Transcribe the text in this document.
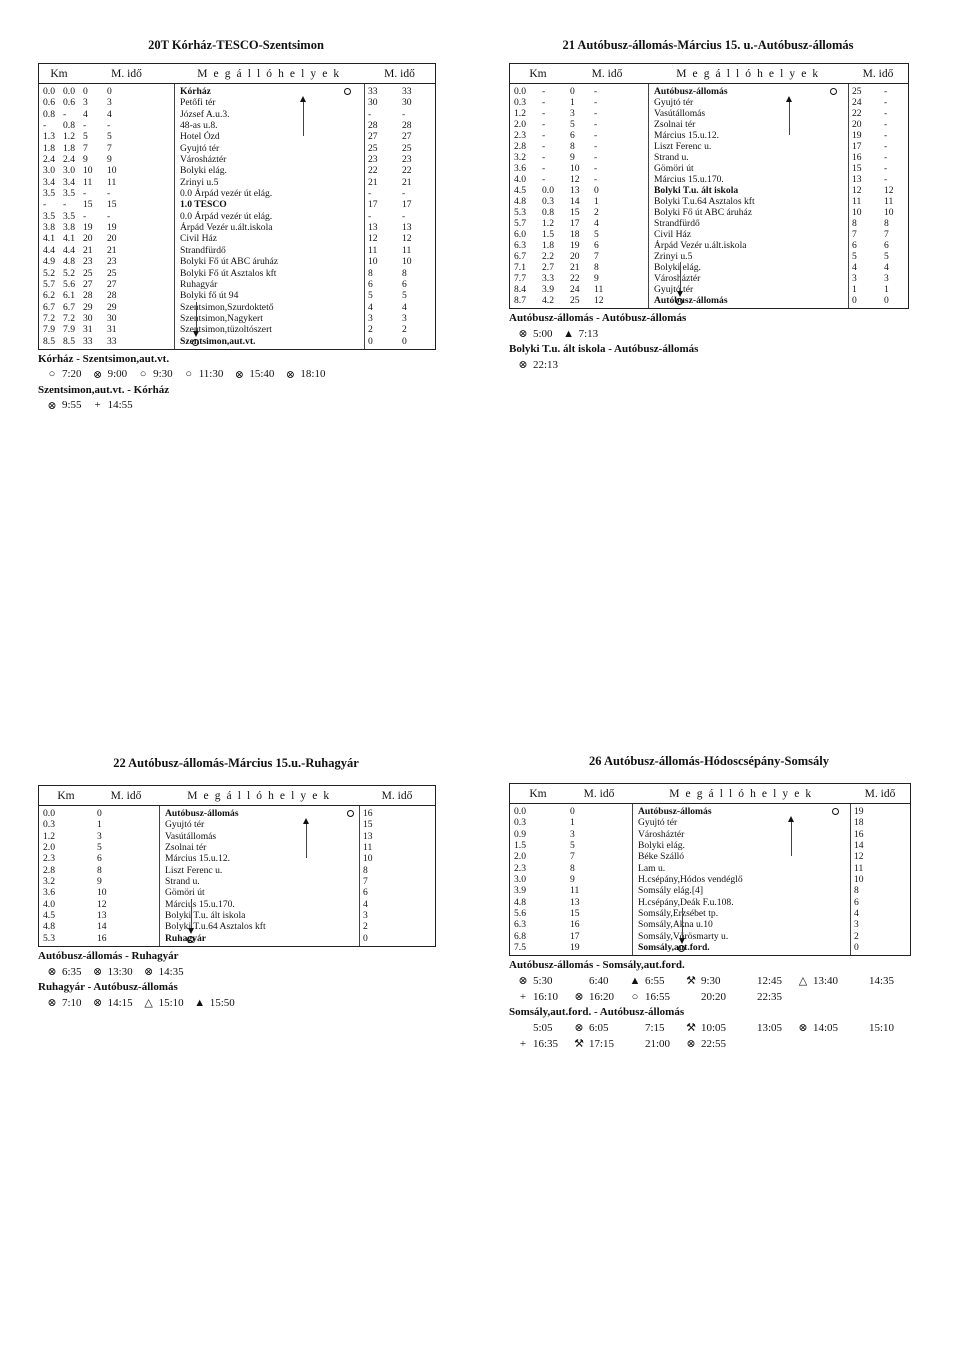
20T Kórház-TESCO-Szentsimon
Km	M. idő	M e g á l l ó h e l y e k	M. idő
0.0 0.0 0	0	Kórház	33	33
0.6 0.6 3	3	Petőfi tér	30	30
0.8 -	4	4	József A.u.3.	-	-
-	0.8 -	-	48-as u.8.	28	28
1.3 1.2 5	5	Hotel Ózd	27	27
1.8 1.8 7	7	Gyujtó tér	25	25
2.4 2.4 9	9	Városháztér	23	23
3.0 3.0 10	10	Bolyki elág.	22	22
3.4 3.4 11	11	Zrinyi u.5	21	21
3.5 3.5 -	-	0.0 Árpád vezér út elág.	-	-
-	-	15	15	1.0 TESCO	17	17
3.5 3.5 -	-	0.0 Árpád vezér út elág.	-	-
3.8 3.8 19	19	Árpád Vezér u.ált.iskola	13	13
4.1 4.1 20	20	Civil Ház	12	12
4.4 4.4 21	21	Strandfürdő	11	11
4.9 4.8 23	23	Bolyki Fő út ABC áruház	10	10
5.2 5.2 25	25	Bolyki Fő út Asztalos kft	8	8
5.7 5.6 27	27	Ruhagyár	6	6
6.2 6.1 28	28	Bolyki fő út 94	5	5
6.7 6.7 29	29	Szentsimon,Szurdoktető	4	4
7.2 7.2 30	30	Szentsimon,Nagykert	3	3
7.9 7.9 31	31	Szentsimon,tüzoltószert	2	2
8.5 8.5 33	33	Szentsimon,aut.vt.	0	0
Kórház - Szentsimon,aut.vt.
○ 7:20 ⊗ 9:00 ○ 9:30 ○ 11:30 ⊗ 15:40 ⊗ 18:10
Szentsimon,aut.vt. - Kórház
⊗ 9:55 + 14:55
21 Autóbusz-állomás-Március 15. u.-Autóbusz-állomás
Km	M. idő	M e g á l l ó h e l y e k	M. idő
0.0	-	0	-	Autóbusz-állomás	25	-
0.3	-	1	-	Gyujtó tér	24	-
1.2	-	3	-	Vasútállomás	22	-
2.0	-	5	-	Zsolnai tér	20	-
2.3	-	6	-	Március 15.u.12.	19	-
2.8	-	8	-	Liszt Ferenc u.	17	-
3.2	-	9	-	Strand u.	16	-
3.6	-	10	-	Gömöri út	15	-
4.0	-	12	-	Március 15.u.170.	13	-
4.5	0.0	13	0	Bolyki T.u. ált iskola	12	12
4.8	0.3	14	1	Bolyki T.u.64 Asztalos kft	11	11
5.3	0.8	15	2	Bolyki Fő út ABC áruház	10	10
5.7	1.2	17	4	Strandfürdő	8	8
6.0	1.5	18	5	Civil Ház	7	7
6.3	1.8	19	6	Árpád Vezér u.ált.iskola	6	6
6.7	2.2	20	7	Zrinyi u.5	5	5
7.1	2.7	21	8	Bolyki elág.	4	4
7.7	3.3	22	9	Városháztér	3	3
8.4	3.9	24	11	Gyujtó tér	1	1
8.7	4.2	25	12	Autóbusz-állomás	0	0
Autóbusz-állomás - Autóbusz-állomás
⊗ 5:00 ▲ 7:13
Bolyki T.u. ált iskola - Autóbusz-állomás
⊗ 22:13
22 Autóbusz-állomás-Március 15.u.-Ruhagyár
Km	M. idő	M e g á l l ó h e l y e k	M. idő
0.0	0	Autóbusz-állomás	16
0.3	1	Gyujtó tér	15
1.2	3	Vasútállomás	13
2.0	5	Zsolnai tér	11
2.3	6	Március 15.u.12.	10
2.8	8	Liszt Ferenc u.	8
3.2	9	Strand u.	7
3.6	10	Gömöri út	6
4.0	12	Március 15.u.170.	4
4.5	13	Bolyki T.u. ált iskola	3
4.8	14	Bolyki T.u.64 Asztalos kft	2
5.3	16	Ruhagyár	0
Autóbusz-állomás - Ruhagyár
⊗ 6:35 ⊗ 13:30 ⊗ 14:35
Ruhagyár - Autóbusz-állomás
⊗ 7:10 ⊗ 14:15 △ 15:10 ▲ 15:50
26 Autóbusz-állomás-Hódoscsépány-Somsály
Km	M. idő	M e g á l l ó h e l y e k	M. idő
0.0	0	Autóbusz-állomás	19
0.3	1	Gyujtó tér	18
0.9	3	Városháztér	16
1.5	5	Bolyki elág.	14
2.0	7	Béke Szálló	12
2.3	8	Lam u.	11
3.0	9	H.csépány,Hódos vendéglő	10
3.9	11	Somsály elág.[4]	8
4.8	13	H.csépány,Deák F.u.108.	6
5.6	15	Somsály,Erzsébet tp.	4
6.3	16	Somsály,Akna u.10	3
6.8	17	Somsály,Vörösmarty u.	2
7.5	19	Somsály,aut.ford.	0
Autóbusz-állomás - Somsály,aut.ford.
⊗ 5:30	6:40 ▲ 6:55 ⚒ 9:30	12:45 △ 13:40	14:35
+ 16:10 ⊗ 16:20 ○ 16:55	20:20	22:35
Somsály,aut.ford. - Autóbusz-állomás
5:05 ⊗ 6:05	7:15 ⚒ 10:05	13:05 ⊗ 14:05	15:10
+ 16:35 ⚒ 17:15	21:00 ⊗ 22:55
